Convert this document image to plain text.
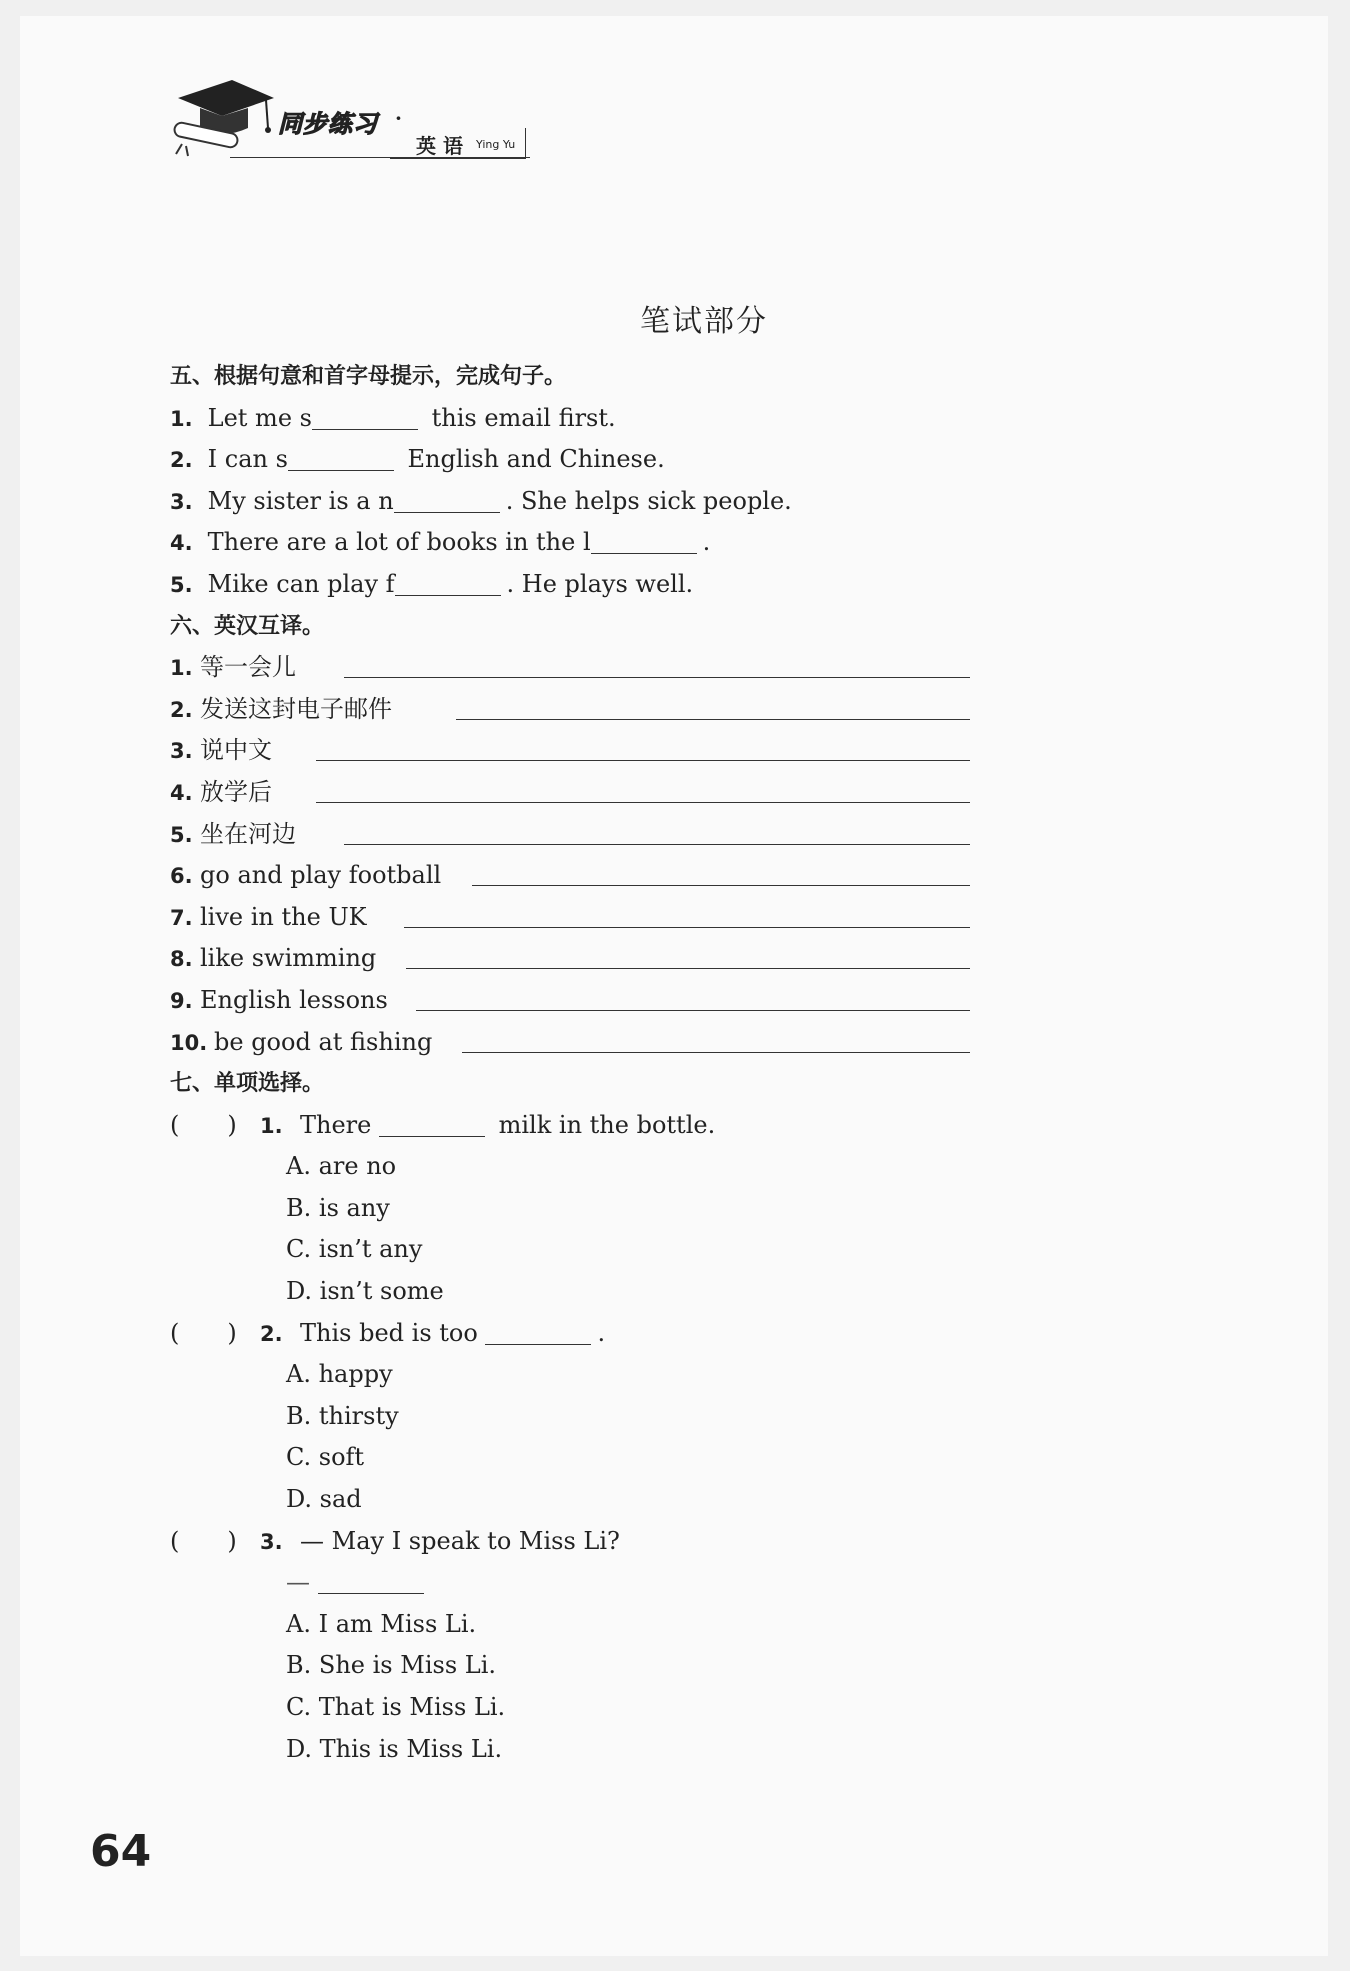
同步练习 ·
英 语 Ying Yu
笔试部分
五、根据句意和首字母提示，完成句子。
1. Let me s	this email first.
2. I can s	English and Chinese.
3. My sister is a n	. She helps sick people.
4. There are a lot of books in the l	.
5. Mike can play f	. He plays well.
六、英汉互译。
1. 等一会儿
2. 发送这封电子邮件
3. 说中文
4. 放学后
5. 坐在河边
6. go and play football
7. live in the UK
8. like swimming
9. English lessons
10. be good at fishing
七、单项选择。
(　　) 1. There	milk in the bottle.
A. are no
B. is any
C. isn’t any
D. isn’t some
(　　) 2. This bed is too	.
A. happy
B. thirsty
C. soft
D. sad
(　　) 3. — May I speak to Miss Li?
—
A. I am Miss Li.
B. She is Miss Li.
C. That is Miss Li.
D. This is Miss Li.
64
